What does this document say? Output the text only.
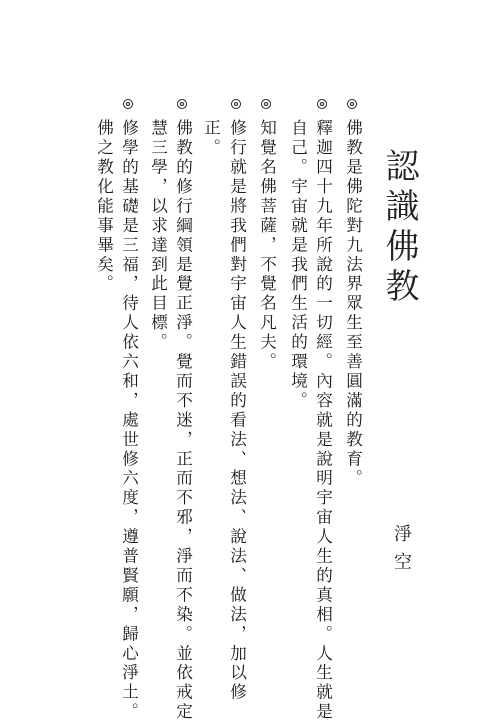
認識佛教
佛教是佛陀對九法界眾生至善圓滿的教育。
釋迦四十九年所說的一切經。內容就是說明宇宙人生的真相。人生就是
自己。宇宙就是我們生活的環境。
知覺名佛菩薩，不覺名凡夫。
修行就是將我們對宇宙人生錯誤的看法、想法、說法、做法，加以修
正。
佛教的修行綱領是覺正淨。覺而不迷，正而不邪，淨而不染。並依戒定
慧三學，以求達到此目標。
修學的基礎是三福，待人依六和，處世修六度，遵普賢願，歸心淨土。
佛之教化能事畢矣。
淨空
